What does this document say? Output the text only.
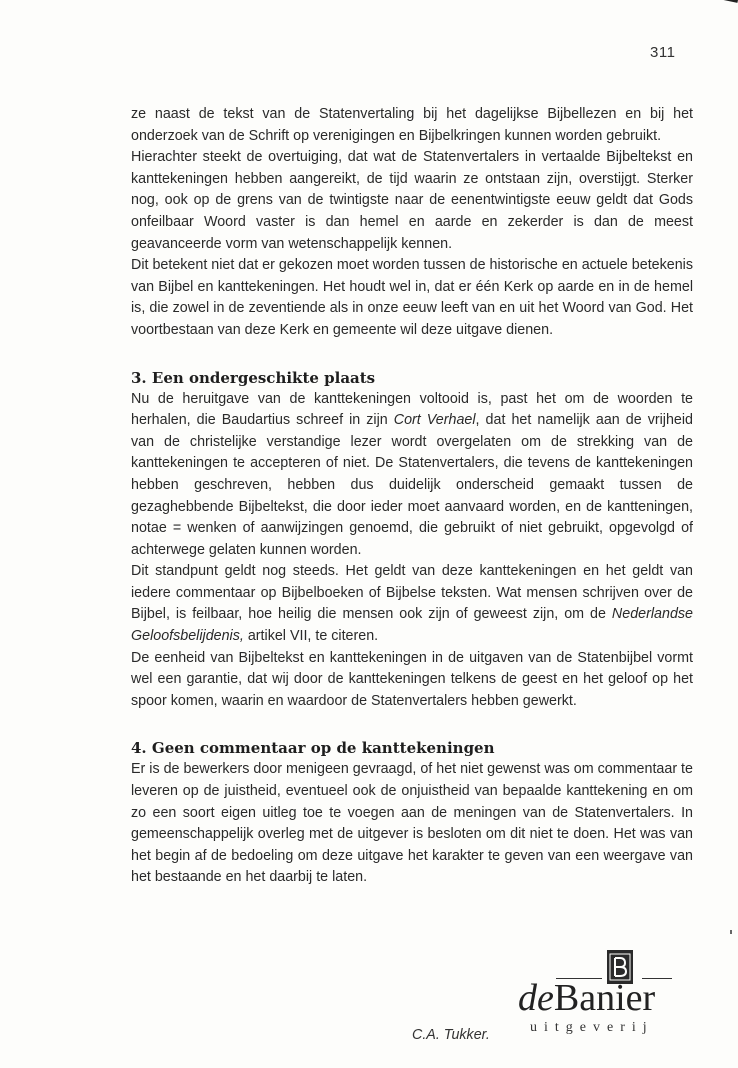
311

ze naast de tekst van de Statenvertaling bij het dagelijkse Bijbellezen en bij het onderzoek van de Schrift op verenigingen en Bijbelkringen kunnen worden gebruikt.

Hierachter steekt de overtuiging, dat wat de Statenvertalers in vertaalde Bijbeltekst en kanttekeningen hebben aangereikt, de tijd waarin ze ontstaan zijn, overstijgt. Sterker nog, ook op de grens van de twintigste naar de eenentwintigste eeuw geldt dat Gods onfeilbaar Woord vaster is dan hemel en aarde en zekerder is dan de meest geavanceerde vorm van wetenschappelijk kennen.

Dit betekent niet dat er gekozen moet worden tussen de historische en actuele betekenis van Bijbel en kanttekeningen. Het houdt wel in, dat er één Kerk op aarde en in de hemel is, die zowel in de zeventiende als in onze eeuw leeft van en uit het Woord van God. Het voortbestaan van deze Kerk en gemeente wil deze uitgave dienen.

3. Een ondergeschikte plaats

Nu de heruitgave van de kanttekeningen voltooid is, past het om de woorden te herhalen, die Baudartius schreef in zijn Cort Verhael, dat het namelijk aan de vrijheid van de christelijke verstandige lezer wordt overgelaten om de strekking van de kanttekeningen te accepteren of niet. De Statenvertalers, die tevens de kanttekeningen hebben geschreven, hebben dus duidelijk onderscheid gemaakt tussen de gezaghebbende Bijbeltekst, die door ieder moet aanvaard worden, en de kantteningen, notae = wenken of aanwijzingen genoemd, die gebruikt of niet gebruikt, opgevolgd of achterwege gelaten kunnen worden.

Dit standpunt geldt nog steeds. Het geldt van deze kanttekeningen en het geldt van iedere commentaar op Bijbelboeken of Bijbelse teksten. Wat mensen schrijven over de Bijbel, is feilbaar, hoe heilig die mensen ook zijn of geweest zijn, om de Nederlandse Geloofsbelijdenis, artikel VII, te citeren.

De eenheid van Bijbeltekst en kanttekeningen in de uitgaven van de Statenbijbel vormt wel een garantie, dat wij door de kanttekeningen telkens de geest en het geloof op het spoor komen, waarin en waardoor de Statenvertalers hebben gewerkt.

4. Geen commentaar op de kanttekeningen

Er is de bewerkers door menigeen gevraagd, of het niet gewenst was om commentaar te leveren op de juistheid, eventueel ook de onjuistheid van bepaalde kanttekening en om zo een soort eigen uitleg toe te voegen aan de meningen van de Statenvertalers. In gemeenschappelijk overleg met de uitgever is besloten om dit niet te doen. Het was van het begin af de bedoeling om deze uitgave het karakter te geven van een weergave van het bestaande en het daarbij te laten.

C.A. Tukker.
deBanier
uitgeverij
